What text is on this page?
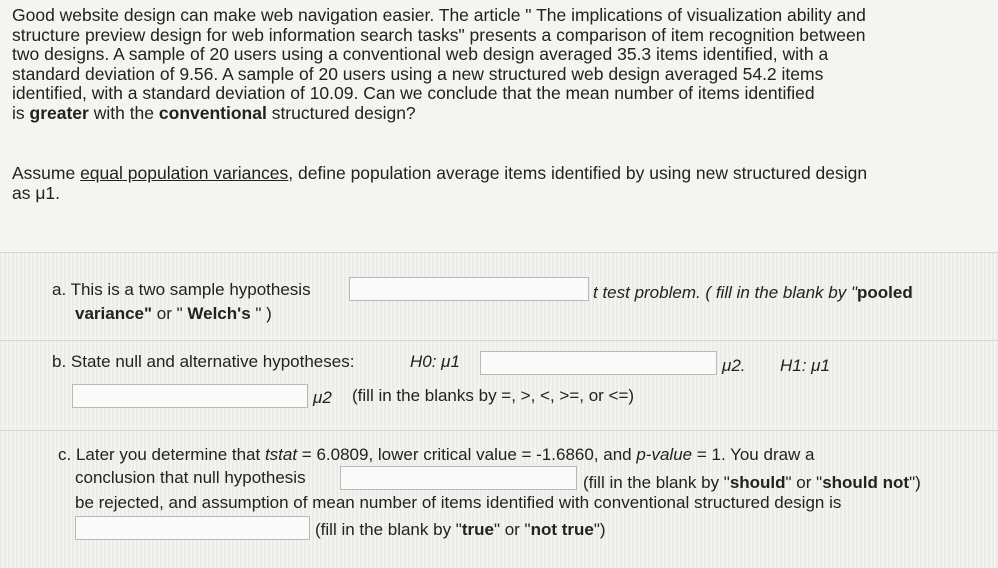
Good website design can make web navigation easier. The article " The implications of visualization ability and
structure preview design for web information search tasks" presents a comparison of item recognition between
two designs. A sample of 20 users using a conventional web design averaged 35.3 items identified, with a
standard deviation of 9.56. A sample of 20 users using a new structured web design averaged 54.2 items
identified, with a standard deviation of 10.09. Can we conclude that the mean number of items identified
is greater with the conventional structured design?
Assume equal population variances, define population average items identified by using new structured design
as μ1.
a. This is a two sample hypothesis	t test problem. ( fill in the blank by "pooled
variance" or " Welch's " )
b. State null and alternative hypotheses:	H0: μ1	μ2. H1: μ1
μ2 (fill in the blanks by =, >, <, >=, or <=)
c. Later you determine that tstat = 6.0809, lower critical value = -1.6860, and p-value = 1. You draw a
conclusion that null hypothesis	(fill in the blank by "should" or "should not")
be rejected, and assumption of mean number of items identified with conventional structured design is
(fill in the blank by "true" or "not true")
